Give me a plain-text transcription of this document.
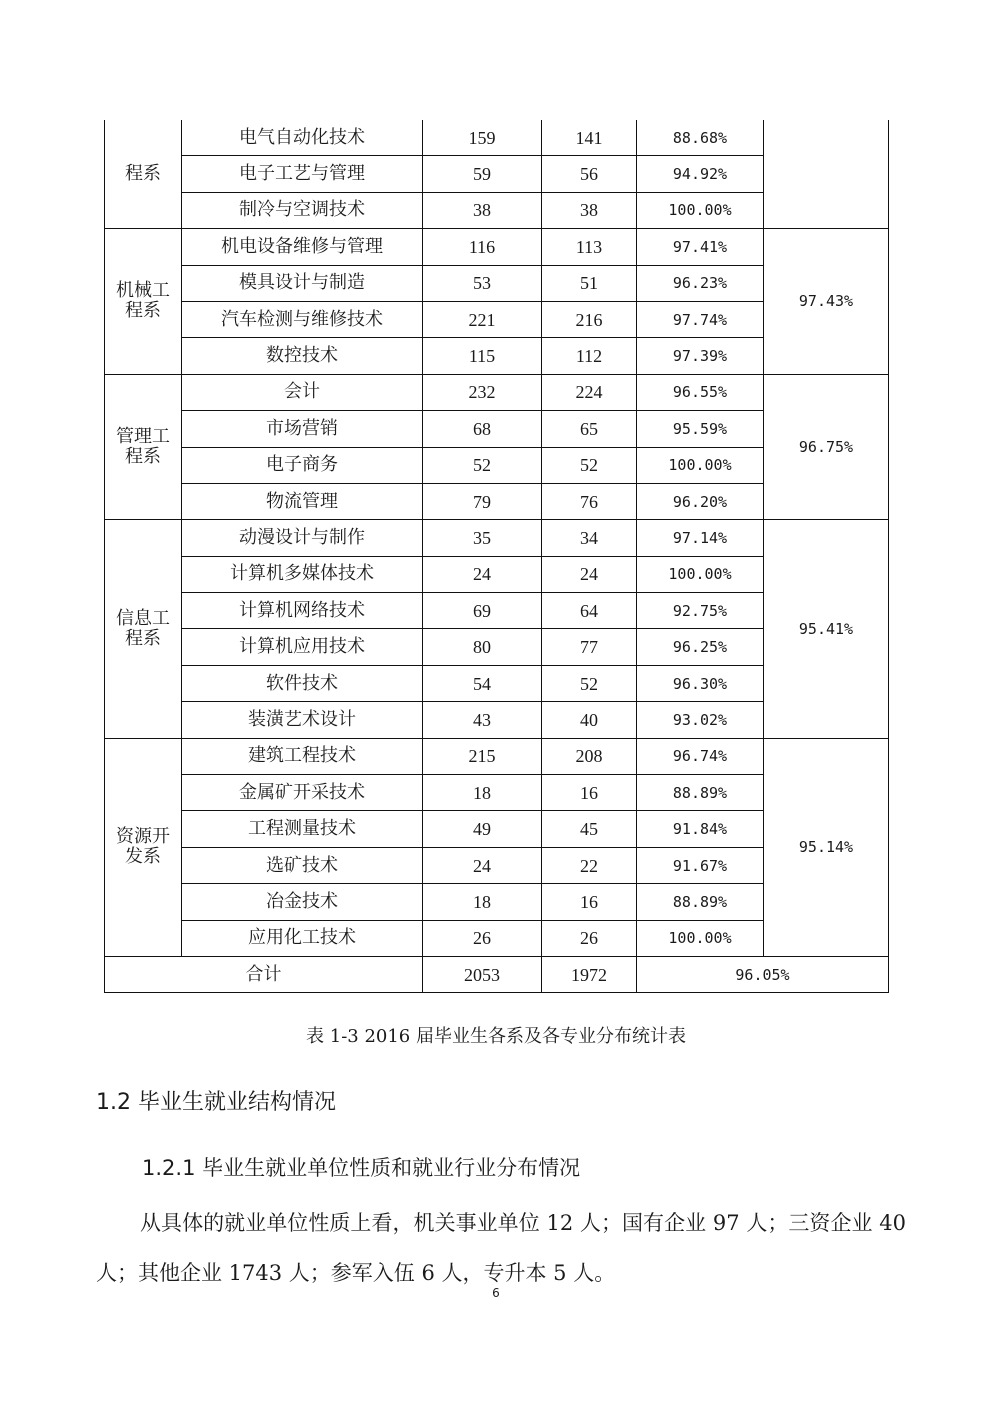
程系	电气自动化技术	159	141	88.68%	
	电子工艺与管理	59	56	94.92%	
	制冷与空调技术	38	38	100.00%	
机械工
程系	机电设备维修与管理	116	113	97.41%	97.43%
	模具设计与制造	53	51	96.23%	
	汽车检测与维修技术	221	216	97.74%	
	数控技术	115	112	97.39%	
管理工
程系	会计	232	224	96.55%	96.75%
	市场营销	68	65	95.59%	
	电子商务	52	52	100.00%	
	物流管理	79	76	96.20%	
信息工
程系	动漫设计与制作	35	34	97.14%	95.41%
	计算机多媒体技术	24	24	100.00%	
	计算机网络技术	69	64	92.75%	
	计算机应用技术	80	77	96.25%	
	软件技术	54	52	96.30%	
	装潢艺术设计	43	40	93.02%	
资源开
发系	建筑工程技术	215	208	96.74%	95.14%
	金属矿开采技术	18	16	88.89%	
	工程测量技术	49	45	91.84%	
	选矿技术	24	22	91.67%	
	冶金技术	18	16	88.89%	
	应用化工技术	26	26	100.00%	
合计		2053	1972	96.05%	
表 1-3 2016 届毕业生各系及各专业分布统计表
1.2 毕业生就业结构情况
1.2.1 毕业生就业单位性质和就业行业分布情况
从具体的就业单位性质上看，机关事业单位 12 人；国有企业 97 人；三资企业 40 人；其他企业 1743 人；参军入伍 6 人，专升本 5 人。
6
